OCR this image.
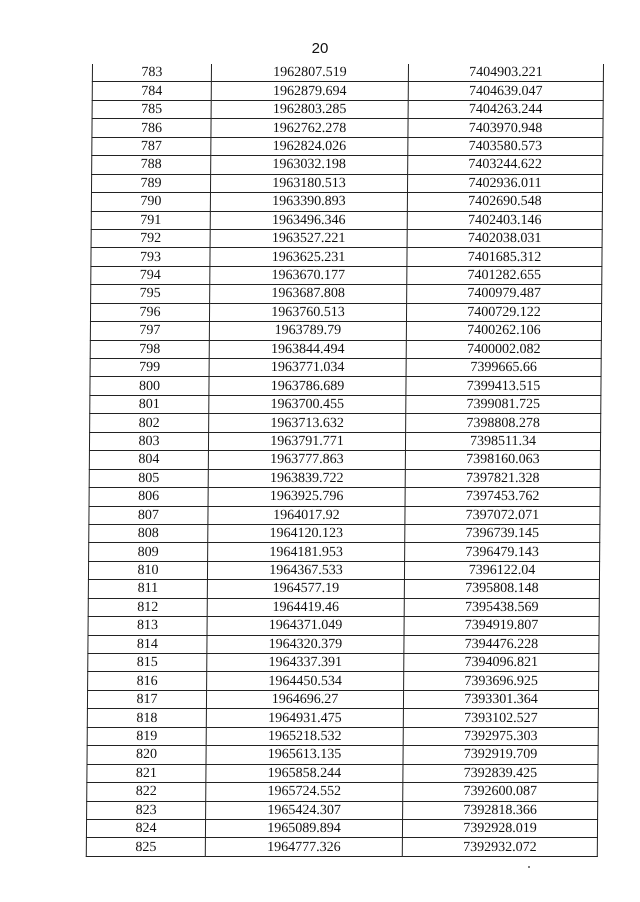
20
783	1962807.519	7404903.221
784	1962879.694	7404639.047
785	1962803.285	7404263.244
786	1962762.278	7403970.948
787	1962824.026	7403580.573
788	1963032.198	7403244.622
789	1963180.513	7402936.011
790	1963390.893	7402690.548
791	1963496.346	7402403.146
792	1963527.221	7402038.031
793	1963625.231	7401685.312
794	1963670.177	7401282.655
795	1963687.808	7400979.487
796	1963760.513	7400729.122
797	1963789.79	7400262.106
798	1963844.494	7400002.082
799	1963771.034	7399665.66
800	1963786.689	7399413.515
801	1963700.455	7399081.725
802	1963713.632	7398808.278
803	1963791.771	7398511.34
804	1963777.863	7398160.063
805	1963839.722	7397821.328
806	1963925.796	7397453.762
807	1964017.92	7397072.071
808	1964120.123	7396739.145
809	1964181.953	7396479.143
810	1964367.533	7396122.04
811	1964577.19	7395808.148
812	1964419.46	7395438.569
813	1964371.049	7394919.807
814	1964320.379	7394476.228
815	1964337.391	7394096.821
816	1964450.534	7393696.925
817	1964696.27	7393301.364
818	1964931.475	7393102.527
819	1965218.532	7392975.303
820	1965613.135	7392919.709
821	1965858.244	7392839.425
822	1965724.552	7392600.087
823	1965424.307	7392818.366
824	1965089.894	7392928.019
825	1964777.326	7392932.072
